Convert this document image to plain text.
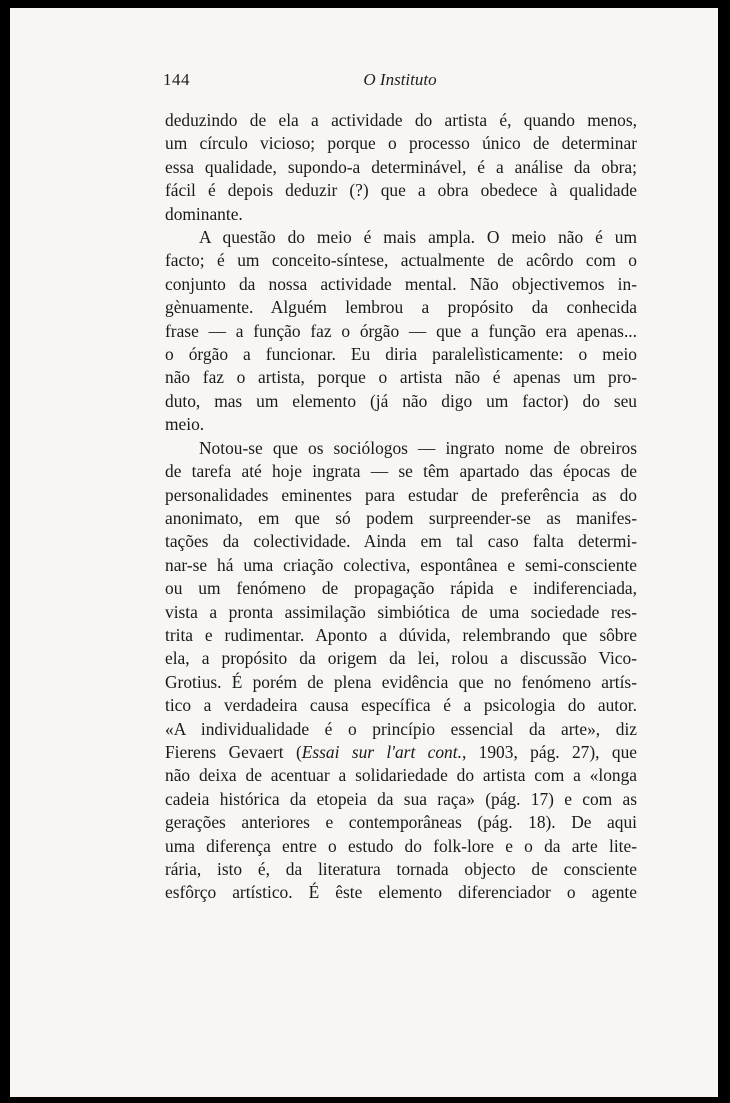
144	O Instituto
deduzindo de ela a actividade do artista é, quando menos,
um círculo vicioso; porque o processo único de determinar
essa qualidade, supondo-a determinável, é a análise da obra;
fácil é depois deduzir (?) que a obra obedece à qualidade
dominante.
A questão do meio é mais ampla. O meio não é um
facto; é um conceito-síntese, actualmente de acôrdo com o
conjunto da nossa actividade mental. Não objectivemos in-
gènuamente. Alguém lembrou a propósito da conhecida
frase — a função faz o órgão — que a função era apenas...
o órgão a funcionar. Eu diria paralelìsticamente: o meio
não faz o artista, porque o artista não é apenas um pro-
duto, mas um elemento (já não digo um factor) do seu
meio.
Notou-se que os sociólogos — ingrato nome de obreiros
de tarefa até hoje ingrata — se têm apartado das épocas de
personalidades eminentes para estudar de preferência as do
anonimato, em que só podem surpreender-se as manifes-
tações da colectividade. Ainda em tal caso falta determi-
nar-se há uma criação colectiva, espontânea e semi-consciente
ou um fenómeno de propagação rápida e indiferenciada,
vista a pronta assimilação simbiótica de uma sociedade res-
trita e rudimentar. Aponto a dúvida, relembrando que sôbre
ela, a propósito da origem da lei, rolou a discussão Vico-
Grotius. É porém de plena evidência que no fenómeno artís-
tico a verdadeira causa específica é a psicologia do autor.
«A individualidade é o princípio essencial da arte», diz
Fierens Gevaert (Essai sur l'art cont., 1903, pág. 27), que
não deixa de acentuar a solidariedade do artista com a «longa
cadeia histórica da etopeia da sua raça» (pág. 17) e com as
gerações anteriores e contemporâneas (pág. 18). De aqui
uma diferença entre o estudo do folk-lore e o da arte lite-
rária, isto é, da literatura tornada objecto de consciente
esfôrço artístico. É êste elemento diferenciador o agente
